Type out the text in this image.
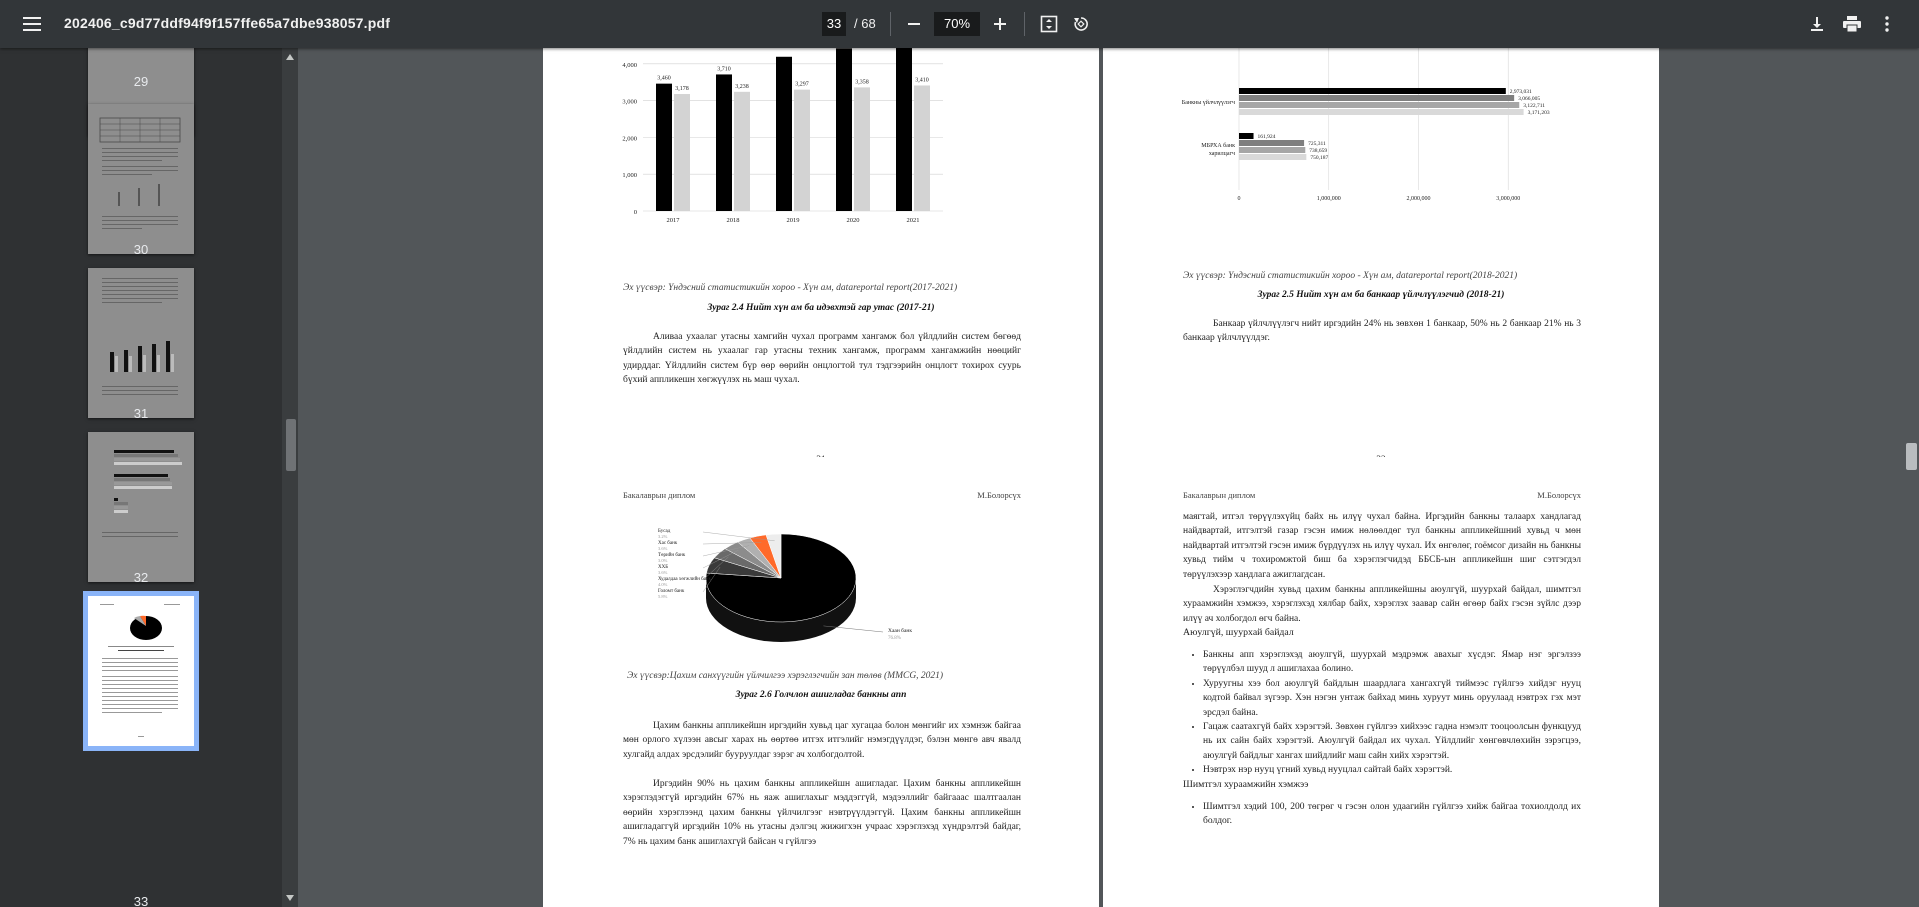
202406_c9d77ddf94f9f157ffe65a7dbe938057.pdf	33 / 68	70%
29
30
31
32
33
0
1,000
2,000
3,000
4,000
3,460
3,178
2017
3,710
3,238
2018
3,297
2019
3,358
2020
3,410
2021
Эх үүсвэр: Үндэсний статистикийн хороо - Хүн ам, datareportal report(2017-2021)
Зураг 2.4 Нийт хүн ам ба идэвхтэй гар утас (2017-21)
Аливаа ухаалаг утасны хамгийн чухал программ хангамж бол үйлдлийн систем бөгөөд үйлдлийн систем нь ухаалаг гар утасны техник хангамж, программ хангамжийн нөөцийг удирддаг. Үйлдлийн систем бүр өөр өөрийн онцлогтой тул тэдгээрийн онцлогт тохирох суурь бүхий аппликешн хөгжүүлэх нь маш чухал.
0	1,000,000	2,000,000	3,000,000
2,973,031
3,066,005
3,122,711
3,171,203
Банкны үйлчлүүлэгч
161,924
725,311
738,659
750,187
МБРХА банк
харилцагч
Эх үүсвэр: Үндэсний статистикийн хороо - Хүн ам, datareportal report(2018-2021)
Зураг 2.5 Нийт хүн ам ба банкаар үйлчлүүлэгчид (2018-21)
Банкаар үйлчлүүлэгч нийт иргэдийн 24% нь зөвхөн 1 банкаар, 50% нь 2 банкаар 21% нь 3 банкаар үйлчлүүлдэг.
Бакалаврын диплом	М.Болорсүх
Хаан банк
76.8%
Бусад
3.2%
Хас банк
3.6%
Төрийн банк
3.0%
ХХБ
3.6%
Худалдаа хөгжлийн банк
4.0%
Голомт банк
5.8%
Эх үүсвэр:Цахим санхүүгийн үйлчилгээ хэрэглэгчийн зан төлөв (MMCG, 2021)
Зураг 2.6 Голчлон ашигладаг банкны апп
Цахим банкны аппликейшн иргэдийн хувьд цаг хугацаа болон мөнгийг их хэмнэж байгаа мөн орлого хүлээн авсыг харах нь өөртөө итгэх итгэлийг нэмэгдүүлдэг, бэлэн мөнгө авч явалд хулгайд алдах эрсдэлийг бууруулдаг зэрэг ач холбогдолтой.
Иргэдийн 90% нь цахим банкны аппликейшн ашигладаг. Цахим банкны аппликейшн хэрэглэдэггүй иргэдийн 67% нь яаж ашиглахыг мэддэггүй, мэдээллийг байгааас шалтгаалан өөрийн хэрэглээнд цахим банкны үйлчилгээг нэвтрүүлдэггүй. Цахим банкны аппликейшн ашигладаггүй иргэдийн 10% нь утасны дэлгэц жижигхэн учраас хэрэглэхэд хүндрэлтэй байдаг, 7% нь цахим банк ашиглахгүй байсан ч гүйлгээ
Бакалаврын диплом	М.Болорсүх
маягтай, итгэл төрүүлэхүйц байх нь илүү чухал байна. Иргэдийн банкны талаарх хандлагад найдвартай, итгэлтэй газар гэсэн имиж нөлөөлдөг тул банкны аппликейшний хувьд ч мөн найдвартай итгэлтэй гэсэн имиж бүрдүүлэх нь илүү чухал. Их өнгөлөг, гоёмсог дизайн нь банкны хувьд тийм ч тохиромжтой биш ба хэрэглэгчидэд ББСБ-ын аппликейшн шиг сэтгэгдэл төрүүлэхээр хандлага ажиглагдсан.
Хэрэглэгчдийн хувьд цахим банкны аппликейшны аюулгүй, шуурхай байдал, шимтгэл хураамжийн хэмжээ, хэрэглэхэд хялбар байх, хэрэглэх заавар сайн өгөөр байх гэсэн зүйлс дээр илүү ач холбогдол өгч байна.
Аюулгүй, шуурхай байдал
• Банкны апп хэрэглэхэд аюулгүй, шуурхай мэдрэмж авахыг хүсдэг. Ямар нэг эргэлзээ төрүүлбэл шууд л ашиглахаа болино.
• Хуруугны хээ бол аюулгүй байдлын шаардлага хангахгүй тиймээс гүйлгээ хийдэг нууц кодтой байвал зүгээр. Хэн нэгэн унтаж байхад минь хуруут минь оруулаад нэвтрэх гэх мэт эрсдэл байна.
• Гацаж саатахгүй байх хэрэгтэй. Зөвхөн гүйлгээ хийхээс гадна нэмэлт тооцоолсын функцууд нь их сайн байх хэрэгтэй. Аюулгүй байдал их чухал. Үйлдлийг хөнгөвчлөхийн зэрэгцээ, аюулгүй байдлыг хангах шийдлийг маш сайн хийх хэрэгтэй.
• Нэвтрэх нэр нууц үгний хувьд нууцлал сайтай байх хэрэгтэй.
Шимтгэл хураамжийн хэмжээ
• Шимтгэл хэдий 100, 200 төгрөг ч гэсэн олон удаагийн гүйлгээ хийж байгаа тохиолдолд их болдог.
